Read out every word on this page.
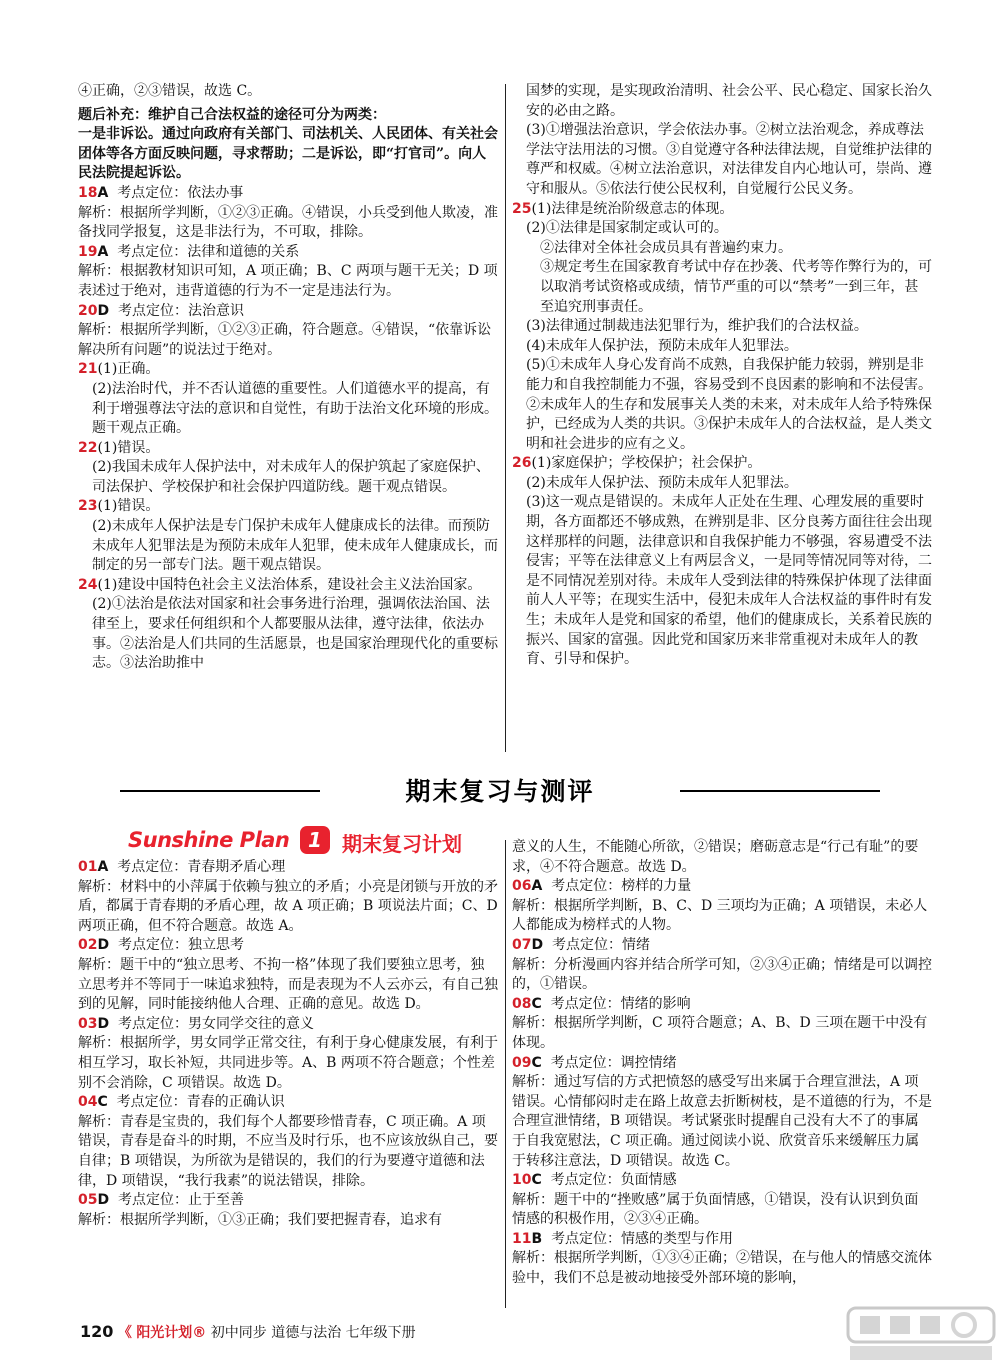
④正确，②③错误，故选 C。

题后补充：维护自己合法权益的途径可分为两类：

一是非诉讼。通过向政府有关部门、司法机关、人民团体、有关社会团体等各方面反映问题，寻求帮助；二是诉讼，即“打官司”。向人民法院提起诉讼。

18A 考点定位：依法办事

解析：根据所学判断，①②③正确。④错误，小兵受到他人欺凌，准备找同学报复，这是非法行为，不可取，排除。

19A 考点定位：法律和道德的关系

解析：根据教材知识可知，A 项正确；B、C 两项与题干无关；D 项表述过于绝对，违背道德的行为不一定是违法行为。

20D 考点定位：法治意识

解析：根据所学判断，①②③正确，符合题意。④错误，“依靠诉讼解决所有问题”的说法过于绝对。

21(1)正确。

(2)法治时代，并不否认道德的重要性。人们道德水平的提高，有利于增强尊法守法的意识和自觉性，有助于法治文化环境的形成。题干观点正确。

22(1)错误。

(2)我国未成年人保护法中，对未成年人的保护筑起了家庭保护、司法保护、学校保护和社会保护四道防线。题干观点错误。

23(1)错误。

(2)未成年人保护法是专门保护未成年人健康成长的法律。而预防未成年人犯罪法是为预防未成年人犯罪，使未成年人健康成长，而制定的另一部专门法。题干观点错误。

24(1)建设中国特色社会主义法治体系，建设社会主义法治国家。

(2)①法治是依法对国家和社会事务进行治理，强调依法治国、法律至上，要求任何组织和个人都要服从法律，遵守法律，依法办事。②法治是人们共同的生活愿景，也是国家治理现代化的重要标志。③法治助推中

国梦的实现，是实现政治清明、社会公平、民心稳定、国家长治久安的必由之路。

(3)①增强法治意识，学会依法办事。②树立法治观念，养成尊法学法守法用法的习惯。③自觉遵守各种法律法规，自觉维护法律的尊严和权威。④树立法治意识，对法律发自内心地认可，崇尚、遵守和服从。⑤依法行使公民权利，自觉履行公民义务。

25(1)法律是统治阶级意志的体现。

(2)①法律是国家制定或认可的。

②法律对全体社会成员具有普遍约束力。

③规定考生在国家教育考试中存在抄袭、代考等作弊行为的，可以取消考试资格或成绩，情节严重的可以“禁考”一到三年，甚至追究刑事责任。

(3)法律通过制裁违法犯罪行为，维护我们的合法权益。

(4)未成年人保护法，预防未成年人犯罪法。

(5)①未成年人身心发育尚不成熟，自我保护能力较弱，辨别是非能力和自我控制能力不强，容易受到不良因素的影响和不法侵害。②未成年人的生存和发展事关人类的未来，对未成年人给予特殊保护，已经成为人类的共识。③保护未成年人的合法权益，是人类文明和社会进步的应有之义。

26(1)家庭保护；学校保护；社会保护。

(2)未成年人保护法、预防未成年人犯罪法。

(3)这一观点是错误的。未成年人正处在生理、心理发展的重要时期，各方面都还不够成熟，在辨别是非、区分良莠方面往往会出现这样那样的问题，法律意识和自我保护能力不够强，容易遭受不法侵害；平等在法律意义上有两层含义，一是同等情况同等对待，二是不同情况差别对待。未成年人受到法律的特殊保护体现了法律面前人人平等；在现实生活中，侵犯未成年人合法权益的事件时有发生；未成年人是党和国家的希望，他们的健康成长，关系着民族的振兴、国家的富强。因此党和国家历来非常重视对未成年人的教育、引导和保护。

期末复习与测评
Sunshine Plan 1	期末复习计划

01A 考点定位：青春期矛盾心理

解析：材料中的小萍属于依赖与独立的矛盾；小亮是闭锁与开放的矛盾，都属于青春期的矛盾心理，故 A 项正确；B 项说法片面；C、D 两项正确，但不符合题意。故选 A。

02D 考点定位：独立思考

解析：题干中的“独立思考、不拘一格”体现了我们要独立思考，独立思考并不等同于一味追求独特，而是表现为不人云亦云，有自己独到的见解，同时能接纳他人合理、正确的意见。故选 D。

03D 考点定位：男女同学交往的意义

解析：根据所学，男女同学正常交往，有利于身心健康发展，有利于相互学习，取长补短，共同进步等。A、B 两项不符合题意；个性差别不会消除，C 项错误。故选 D。

04C 考点定位：青春的正确认识

解析：青春是宝贵的，我们每个人都要珍惜青春，C 项正确。A 项错误，青春是奋斗的时期，不应当及时行乐，也不应该放纵自己，要自律；B 项错误，为所欲为是错误的，我们的行为要遵守道德和法律，D 项错误，“我行我素”的说法错误，排除。

05D 考点定位：止于至善

解析：根据所学判断，①③正确；我们要把握青春，追求有

意义的人生，不能随心所欲，②错误；磨砺意志是“行己有耻”的要求，④不符合题意。故选 D。

06A 考点定位：榜样的力量

解析：根据所学判断，B、C、D 三项均为正确；A 项错误，未必人人都能成为榜样式的人物。

07D 考点定位：情绪

解析：分析漫画内容并结合所学可知，②③④正确；情绪是可以调控的，①错误。

08C 考点定位：情绪的影响

解析：根据所学判断，C 项符合题意；A、B、D 三项在题干中没有体现。

09C 考点定位：调控情绪

解析：通过写信的方式把愤怒的感受写出来属于合理宣泄法，A 项错误。心情郁闷时走在路上故意去折断树枝，是不道德的行为，不是合理宣泄情绪，B 项错误。考试紧张时提醒自己没有大不了的事属于自我宽慰法，C 项正确。通过阅读小说、欣赏音乐来缓解压力属于转移注意法，D 项错误。故选 C。

10C 考点定位：负面情感

解析：题干中的“挫败感”属于负面情感，①错误，没有认识到负面情感的积极作用，②③④正确。

11B 考点定位：情感的类型与作用

解析：根据所学判断，①③④正确；②错误，在与他人的情感交流体验中，我们不总是被动地接受外部环境的影响，

120 《 阳光计划® 初中同步 道德与法治 七年级下册
